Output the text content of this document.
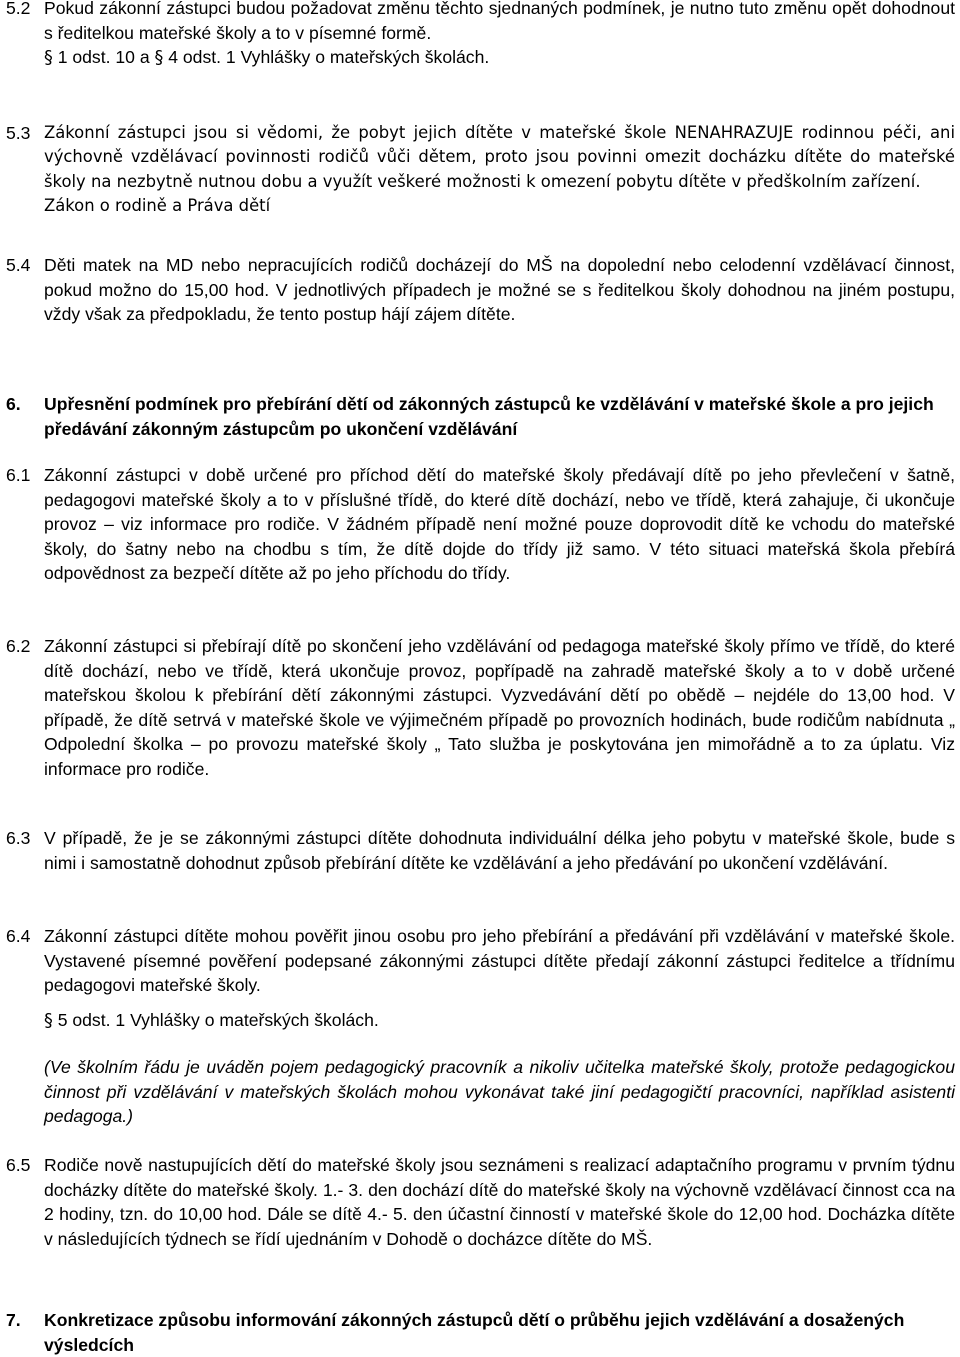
5.2 Pokud zákonní zástupci budou požadovat změnu těchto sjednaných podmínek, je nutno tuto změnu opět dohodnout s ředitelkou mateřské školy a to v písemné formě.
§ 1 odst. 10 a § 4 odst. 1 Vyhlášky o mateřských školách.
5.3 Zákonní zástupci jsou si vědomi, že pobyt jejich dítěte v mateřské škole NENAHRAZUJE rodinnou péči, ani výchovně vzdělávací povinnosti rodičů vůči dětem, proto jsou povinni omezit docházku dítěte do mateřské školy na nezbytně nutnou dobu a využít veškeré možnosti k omezení pobytu dítěte v předškolním zařízení.
Zákon o rodině a Práva dětí
5.4 Děti matek na MD nebo nepracujících rodičů docházejí do MŠ na dopolední nebo celodenní vzdělávací činnost, pokud možno do 15,00 hod. V jednotlivých případech je možné se s ředitelkou školy dohodnou na jiném postupu, vždy však za předpokladu, že tento postup hájí zájem dítěte.
6. Upřesnění podmínek pro přebírání dětí od zákonných zástupců ke vzdělávání v mateřské škole a pro jejich předávání zákonným zástupcům po ukončení vzdělávání
6.1 Zákonní zástupci v době určené pro příchod dětí do mateřské školy předávají dítě po jeho převlečení v šatně, pedagogovi mateřské školy a to v příslušné třídě, do které dítě dochází, nebo ve třídě, která zahajuje, či ukončuje provoz – viz informace pro rodiče. V žádném případě není možné pouze doprovodit dítě ke vchodu do mateřské školy, do šatny nebo na chodbu s tím, že dítě dojde do třídy již samo. V této situaci mateřská škola přebírá odpovědnost za bezpečí dítěte až po jeho příchodu do třídy.
6.2 Zákonní zástupci si přebírají dítě po skončení jeho vzdělávání od pedagoga mateřské školy přímo ve třídě, do které dítě dochází, nebo ve třídě, která ukončuje provoz, popřípadě na zahradě mateřské školy a to v době určené mateřskou školou k přebírání dětí zákonnými zástupci. Vyzvedávání dětí po obědě – nejdéle do 13,00 hod. V případě, že dítě setrvá v mateřské škole ve výjimečném případě po provozních hodinách, bude rodičům nabídnuta „ Odpolední školka – po provozu mateřské školy „ Tato služba je poskytována jen mimořádně a to za úplatu. Viz informace pro rodiče.
6.3 V případě, že je se zákonnými zástupci dítěte dohodnuta individuální délka jeho pobytu v mateřské škole, bude s nimi i samostatně dohodnut způsob přebírání dítěte ke vzdělávání a jeho předávání po ukončení vzdělávání.
6.4 Zákonní zástupci dítěte mohou pověřit jinou osobu pro jeho přebírání a předávání při vzdělávání v mateřské škole. Vystavené písemné pověření podepsané zákonnými zástupci dítěte předají zákonní zástupci ředitelce a třídnímu pedagogovi mateřské školy.
§ 5 odst. 1 Vyhlášky o mateřských školách.
(Ve školním řádu je uváděn pojem pedagogický pracovník a nikoliv učitelka mateřské školy, protože pedagogickou činnost při vzdělávání v mateřských školách mohou vykonávat také jiní pedagogičtí pracovníci, například asistenti pedagoga.)
6.5 Rodiče nově nastupujících dětí do mateřské školy jsou seznámeni s realizací adaptačního programu v prvním týdnu docházky dítěte do mateřské školy. 1.- 3. den dochází dítě do mateřské školy na výchovně vzdělávací činnost cca na 2 hodiny, tzn. do 10,00 hod. Dále se dítě 4.- 5. den účastní činností v mateřské škole do 12,00 hod. Docházka dítěte v následujících týdnech se řídí ujednáním v Dohodě o docházce dítěte do MŠ.
7. Konkretizace způsobu informování zákonných zástupců dětí o průběhu jejich vzdělávání a dosažených výsledcích
